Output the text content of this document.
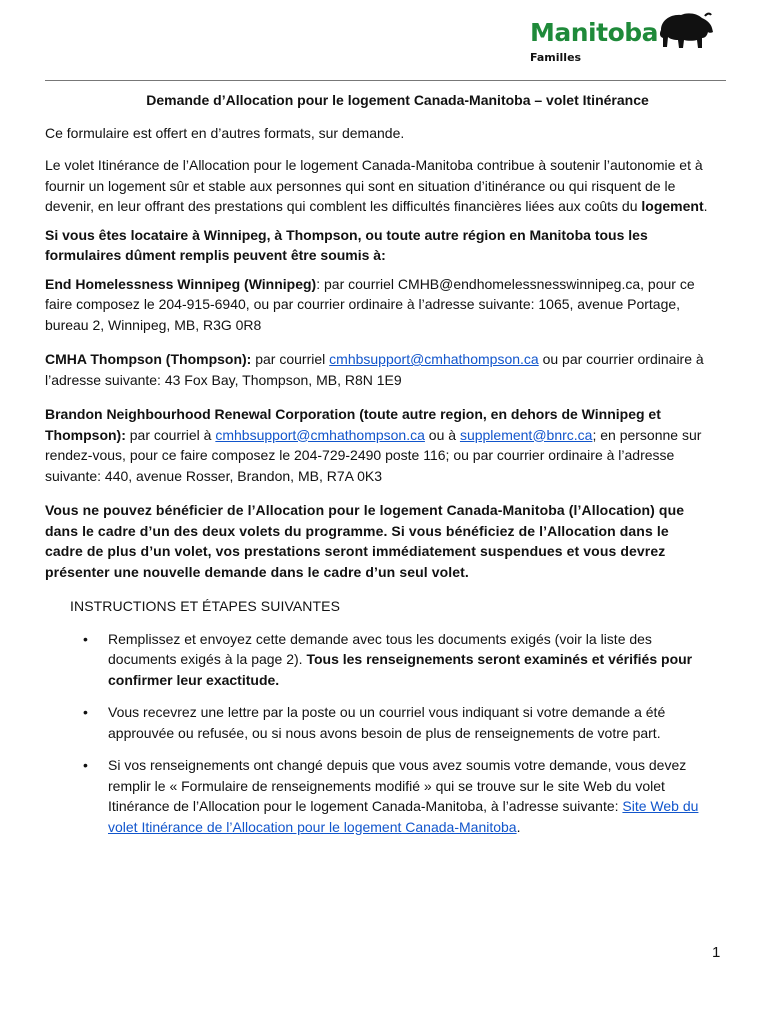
Manitoba
Familles
Demande d’Allocation pour le logement Canada-Manitoba – volet Itinérance

Ce formulaire est offert en d’autres formats, sur demande.

Le volet Itinérance de l’Allocation pour le logement Canada-Manitoba contribue à soutenir l’autonomie et à fournir un logement sûr et stable aux personnes qui sont en situation d’itinérance ou qui risquent de le devenir, en leur offrant des prestations qui comblent les difficultés financières liées aux coûts du logement.

Si vous êtes locataire à Winnipeg, à Thompson, ou toute autre région en Manitoba tous les formulaires dûment remplis peuvent être soumis à:

End Homelessness Winnipeg (Winnipeg): par courriel CMHB@endhomelessnesswinnipeg.ca, pour ce faire composez le 204-915-6940, ou par courrier ordinaire à l’adresse suivante: 1065, avenue Portage, bureau 2, Winnipeg, MB, R3G 0R8

CMHA Thompson (Thompson): par courriel cmhbsupport@cmhathompson.ca ou par courrier ordinaire à l’adresse suivante: 43 Fox Bay, Thompson, MB, R8N 1E9

Brandon Neighbourhood Renewal Corporation (toute autre region, en dehors de Winnipeg et Thompson): par courriel à cmhbsupport@cmhathompson.ca ou à supplement@bnrc.ca; en personne sur rendez-vous, pour ce faire composez le 204-729-2490 poste 116; ou par courrier ordinaire à l’adresse suivante: 440, avenue Rosser, Brandon, MB, R7A 0K3

Vous ne pouvez bénéficier de l’Allocation pour le logement Canada-Manitoba (l’Allocation) que dans le cadre d’un des deux volets du programme. Si vous bénéficiez de l’Allocation dans le cadre de plus d’un volet, vos prestations seront immédiatement suspendues et vous devrez présenter une nouvelle demande dans le cadre d’un seul volet.

INSTRUCTIONS ET ÉTAPES SUIVANTES
• Remplissez et envoyez cette demande avec tous les documents exigés (voir la liste des documents exigés à la page 2). Tous les renseignements seront examinés et vérifiés pour confirmer leur exactitude.
• Vous recevrez une lettre par la poste ou un courriel vous indiquant si votre demande a été approuvée ou refusée, ou si nous avons besoin de plus de renseignements de votre part.
• Si vos renseignements ont changé depuis que vous avez soumis votre demande, vous devez remplir le « Formulaire de renseignements modifié » qui se trouve sur le site Web du volet Itinérance de l’Allocation pour le logement Canada-Manitoba, à l’adresse suivante: Site Web du volet Itinérance de l’Allocation pour le logement Canada-Manitoba.
1
